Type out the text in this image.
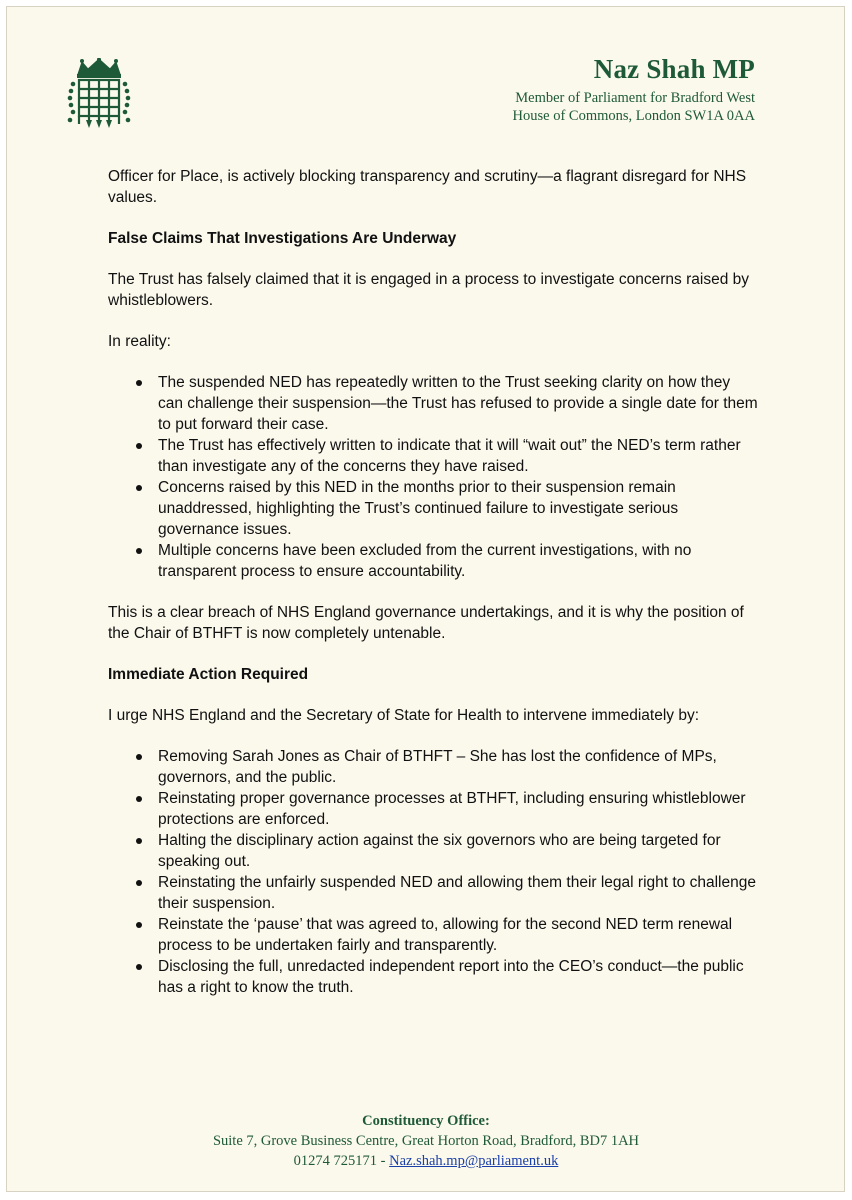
Naz Shah MP
Member of Parliament for Bradford West
House of Commons, London SW1A 0AA

Officer for Place, is actively blocking transparency and scrutiny—a flagrant disregard for NHS values.

False Claims That Investigations Are Underway

The Trust has falsely claimed that it is engaged in a process to investigate concerns raised by whistleblowers.

In reality:

The suspended NED has repeatedly written to the Trust seeking clarity on how they can challenge their suspension—the Trust has refused to provide a single date for them to put forward their case.
The Trust has effectively written to indicate that it will “wait out” the NED’s term rather than investigate any of the concerns they have raised.
Concerns raised by this NED in the months prior to their suspension remain unaddressed, highlighting the Trust’s continued failure to investigate serious governance issues.
Multiple concerns have been excluded from the current investigations, with no transparent process to ensure accountability.

This is a clear breach of NHS England governance undertakings, and it is why the position of the Chair of BTHFT is now completely untenable.

Immediate Action Required

I urge NHS England and the Secretary of State for Health to intervene immediately by:

Removing Sarah Jones as Chair of BTHFT – She has lost the confidence of MPs, governors, and the public.
Reinstating proper governance processes at BTHFT, including ensuring whistleblower protections are enforced.
Halting the disciplinary action against the six governors who are being targeted for speaking out.
Reinstating the unfairly suspended NED and allowing them their legal right to challenge their suspension.
Reinstate the ‘pause’ that was agreed to, allowing for the second NED term renewal process to be undertaken fairly and transparently.
Disclosing the full, unredacted independent report into the CEO’s conduct—the public has a right to know the truth.
Constituency Office:
Suite 7, Grove Business Centre, Great Horton Road, Bradford, BD7 1AH
01274 725171 - Naz.shah.mp@parliament.uk
